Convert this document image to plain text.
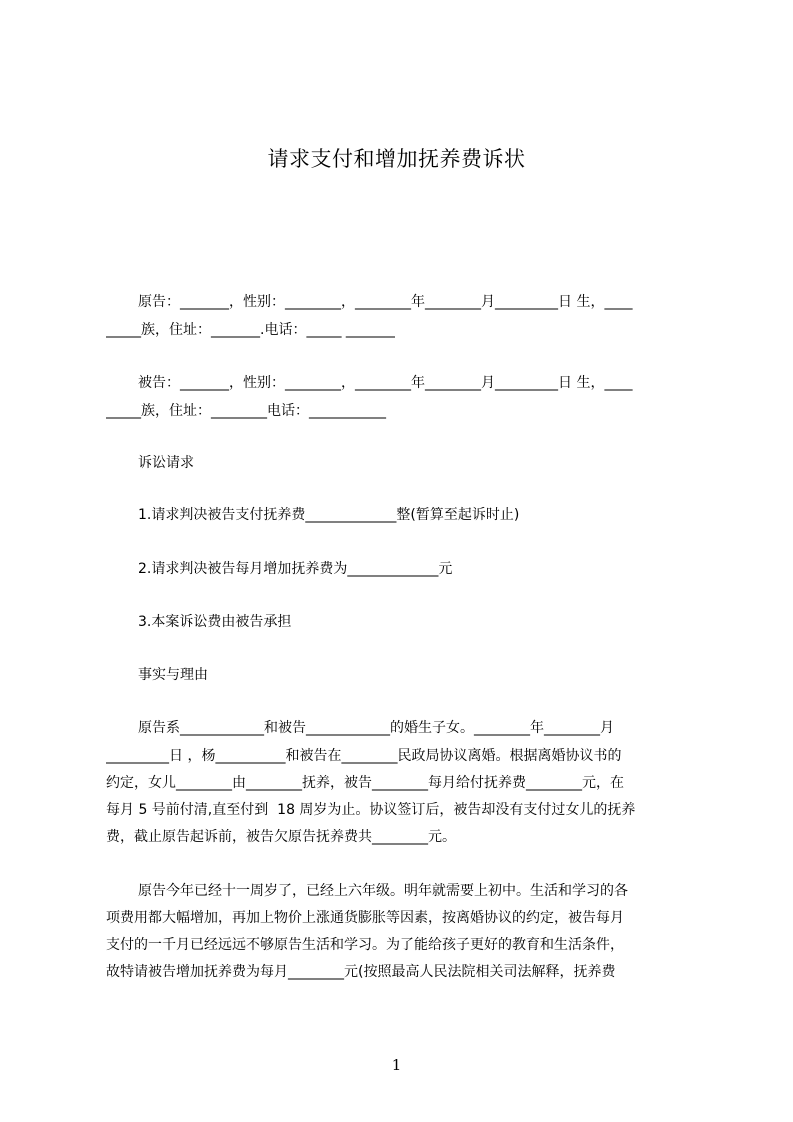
请求支付和增加抚养费诉状
原告：_______，性别：________，________年________月_________日 生，____
_____族，住址：_______.电话：_____ _______
被告：_______，性别：________，________年________月_________日 生，____
_____族，住址：________电话：___________
诉讼请求
1.请求判决被告支付抚养费_____________整(暂算至起诉时止)
2.请求判决被告每月增加抚养费为_____________元
3.本案诉讼费由被告承担
事实与理由
原告系____________和被告____________的婚生子女。________年________月
_________日 ，杨__________和被告在________民政局协议离婚。根据离婚协议书的
约定，女儿________由________抚养，被告________每月给付抚养费________元，在
每月 5 号前付清,直至付到  18 周岁为止。协议签订后，被告却没有支付过女儿的抚养
费，截止原告起诉前，被告欠原告抚养费共________元。
原告今年已经十一周岁了，已经上六年级。明年就需要上初中。生活和学习的各
项费用都大幅增加，再加上物价上涨通货膨胀等因素，按离婚协议的约定，被告每月
支付的一千月已经远远不够原告生活和学习。为了能给孩子更好的教育和生活条件，
故特请被告增加抚养费为每月________元(按照最高人民法院相关司法解释，抚养费
1
